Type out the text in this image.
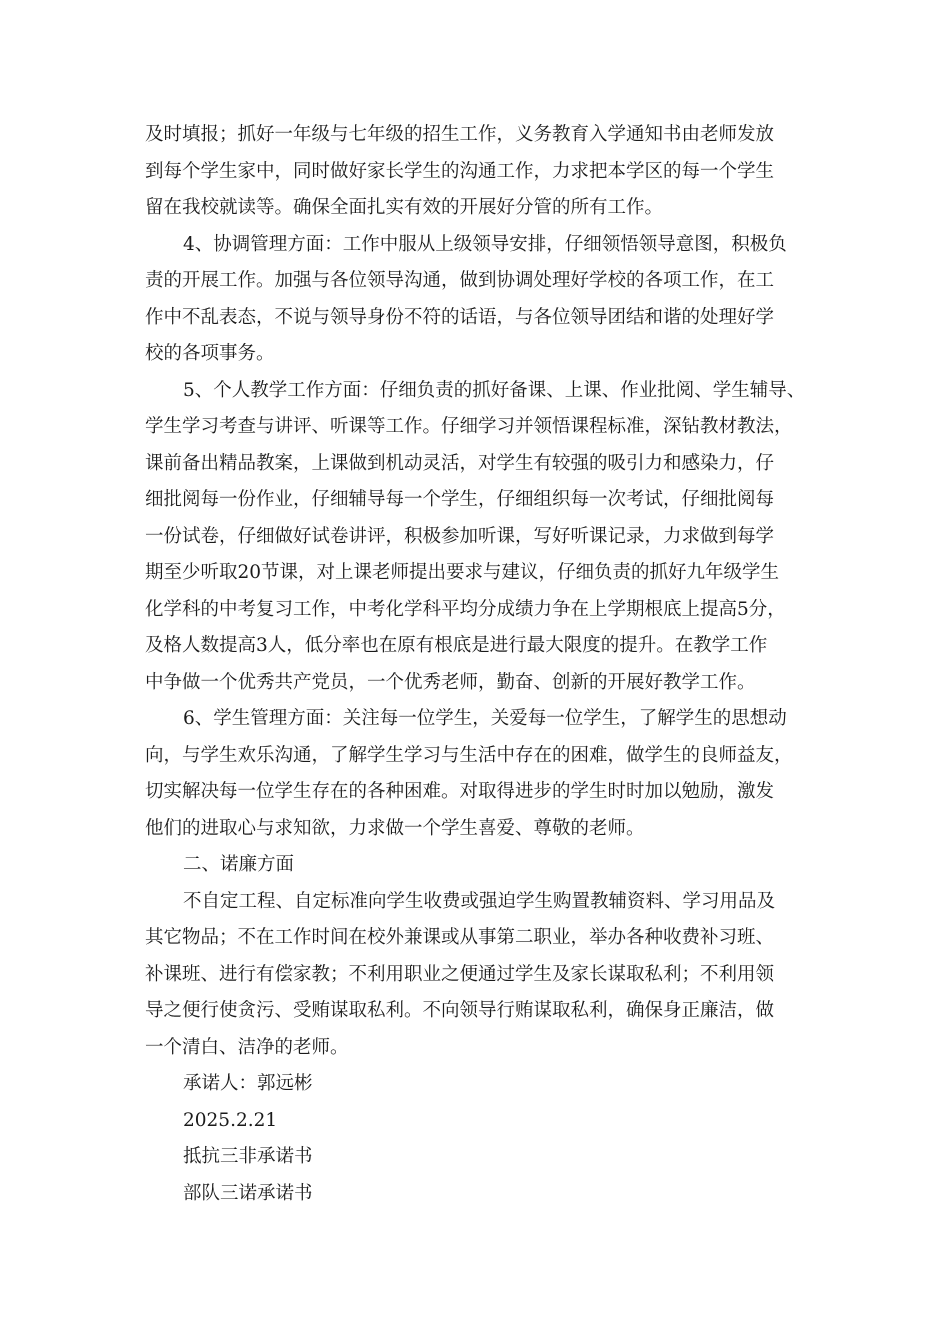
及时填报；抓好一年级与七年级的招生工作，义务教育入学通知书由老师发放
到每个学生家中，同时做好家长学生的沟通工作，力求把本学区的每一个学生
留在我校就读等。确保全面扎实有效的开展好分管的所有工作。
4、协调管理方面：工作中服从上级领导安排，仔细领悟领导意图，积极负
责的开展工作。加强与各位领导沟通，做到协调处理好学校的各项工作，在工
作中不乱表态，不说与领导身份不符的话语，与各位领导团结和谐的处理好学
校的各项事务。
5、个人教学工作方面：仔细负责的抓好备课、上课、作业批阅、学生辅导、
学生学习考查与讲评、听课等工作。仔细学习并领悟课程标准，深钻教材教法，
课前备出精品教案，上课做到机动灵活，对学生有较强的吸引力和感染力，仔
细批阅每一份作业，仔细辅导每一个学生，仔细组织每一次考试，仔细批阅每
一份试卷，仔细做好试卷讲评，积极参加听课，写好听课记录，力求做到每学
期至少听取20节课，对上课老师提出要求与建议，仔细负责的抓好九年级学生
化学科的中考复习工作，中考化学科平均分成绩力争在上学期根底上提高5分，
及格人数提高3人，低分率也在原有根底是进行最大限度的提升。在教学工作
中争做一个优秀共产党员，一个优秀老师，勤奋、创新的开展好教学工作。
6、学生管理方面：关注每一位学生，关爱每一位学生，了解学生的思想动
向，与学生欢乐沟通，了解学生学习与生活中存在的困难，做学生的良师益友，
切实解决每一位学生存在的各种困难。对取得进步的学生时时加以勉励，激发
他们的进取心与求知欲，力求做一个学生喜爱、尊敬的老师。
二、诺廉方面
不自定工程、自定标准向学生收费或强迫学生购置教辅资料、学习用品及
其它物品；不在工作时间在校外兼课或从事第二职业，举办各种收费补习班、
补课班、进行有偿家教；不利用职业之便通过学生及家长谋取私利；不利用领
导之便行使贪污、受贿谋取私利。不向领导行贿谋取私利，确保身正廉洁，做
一个清白、洁净的老师。
承诺人：郭远彬
2025.2.21
抵抗三非承诺书
部队三诺承诺书
